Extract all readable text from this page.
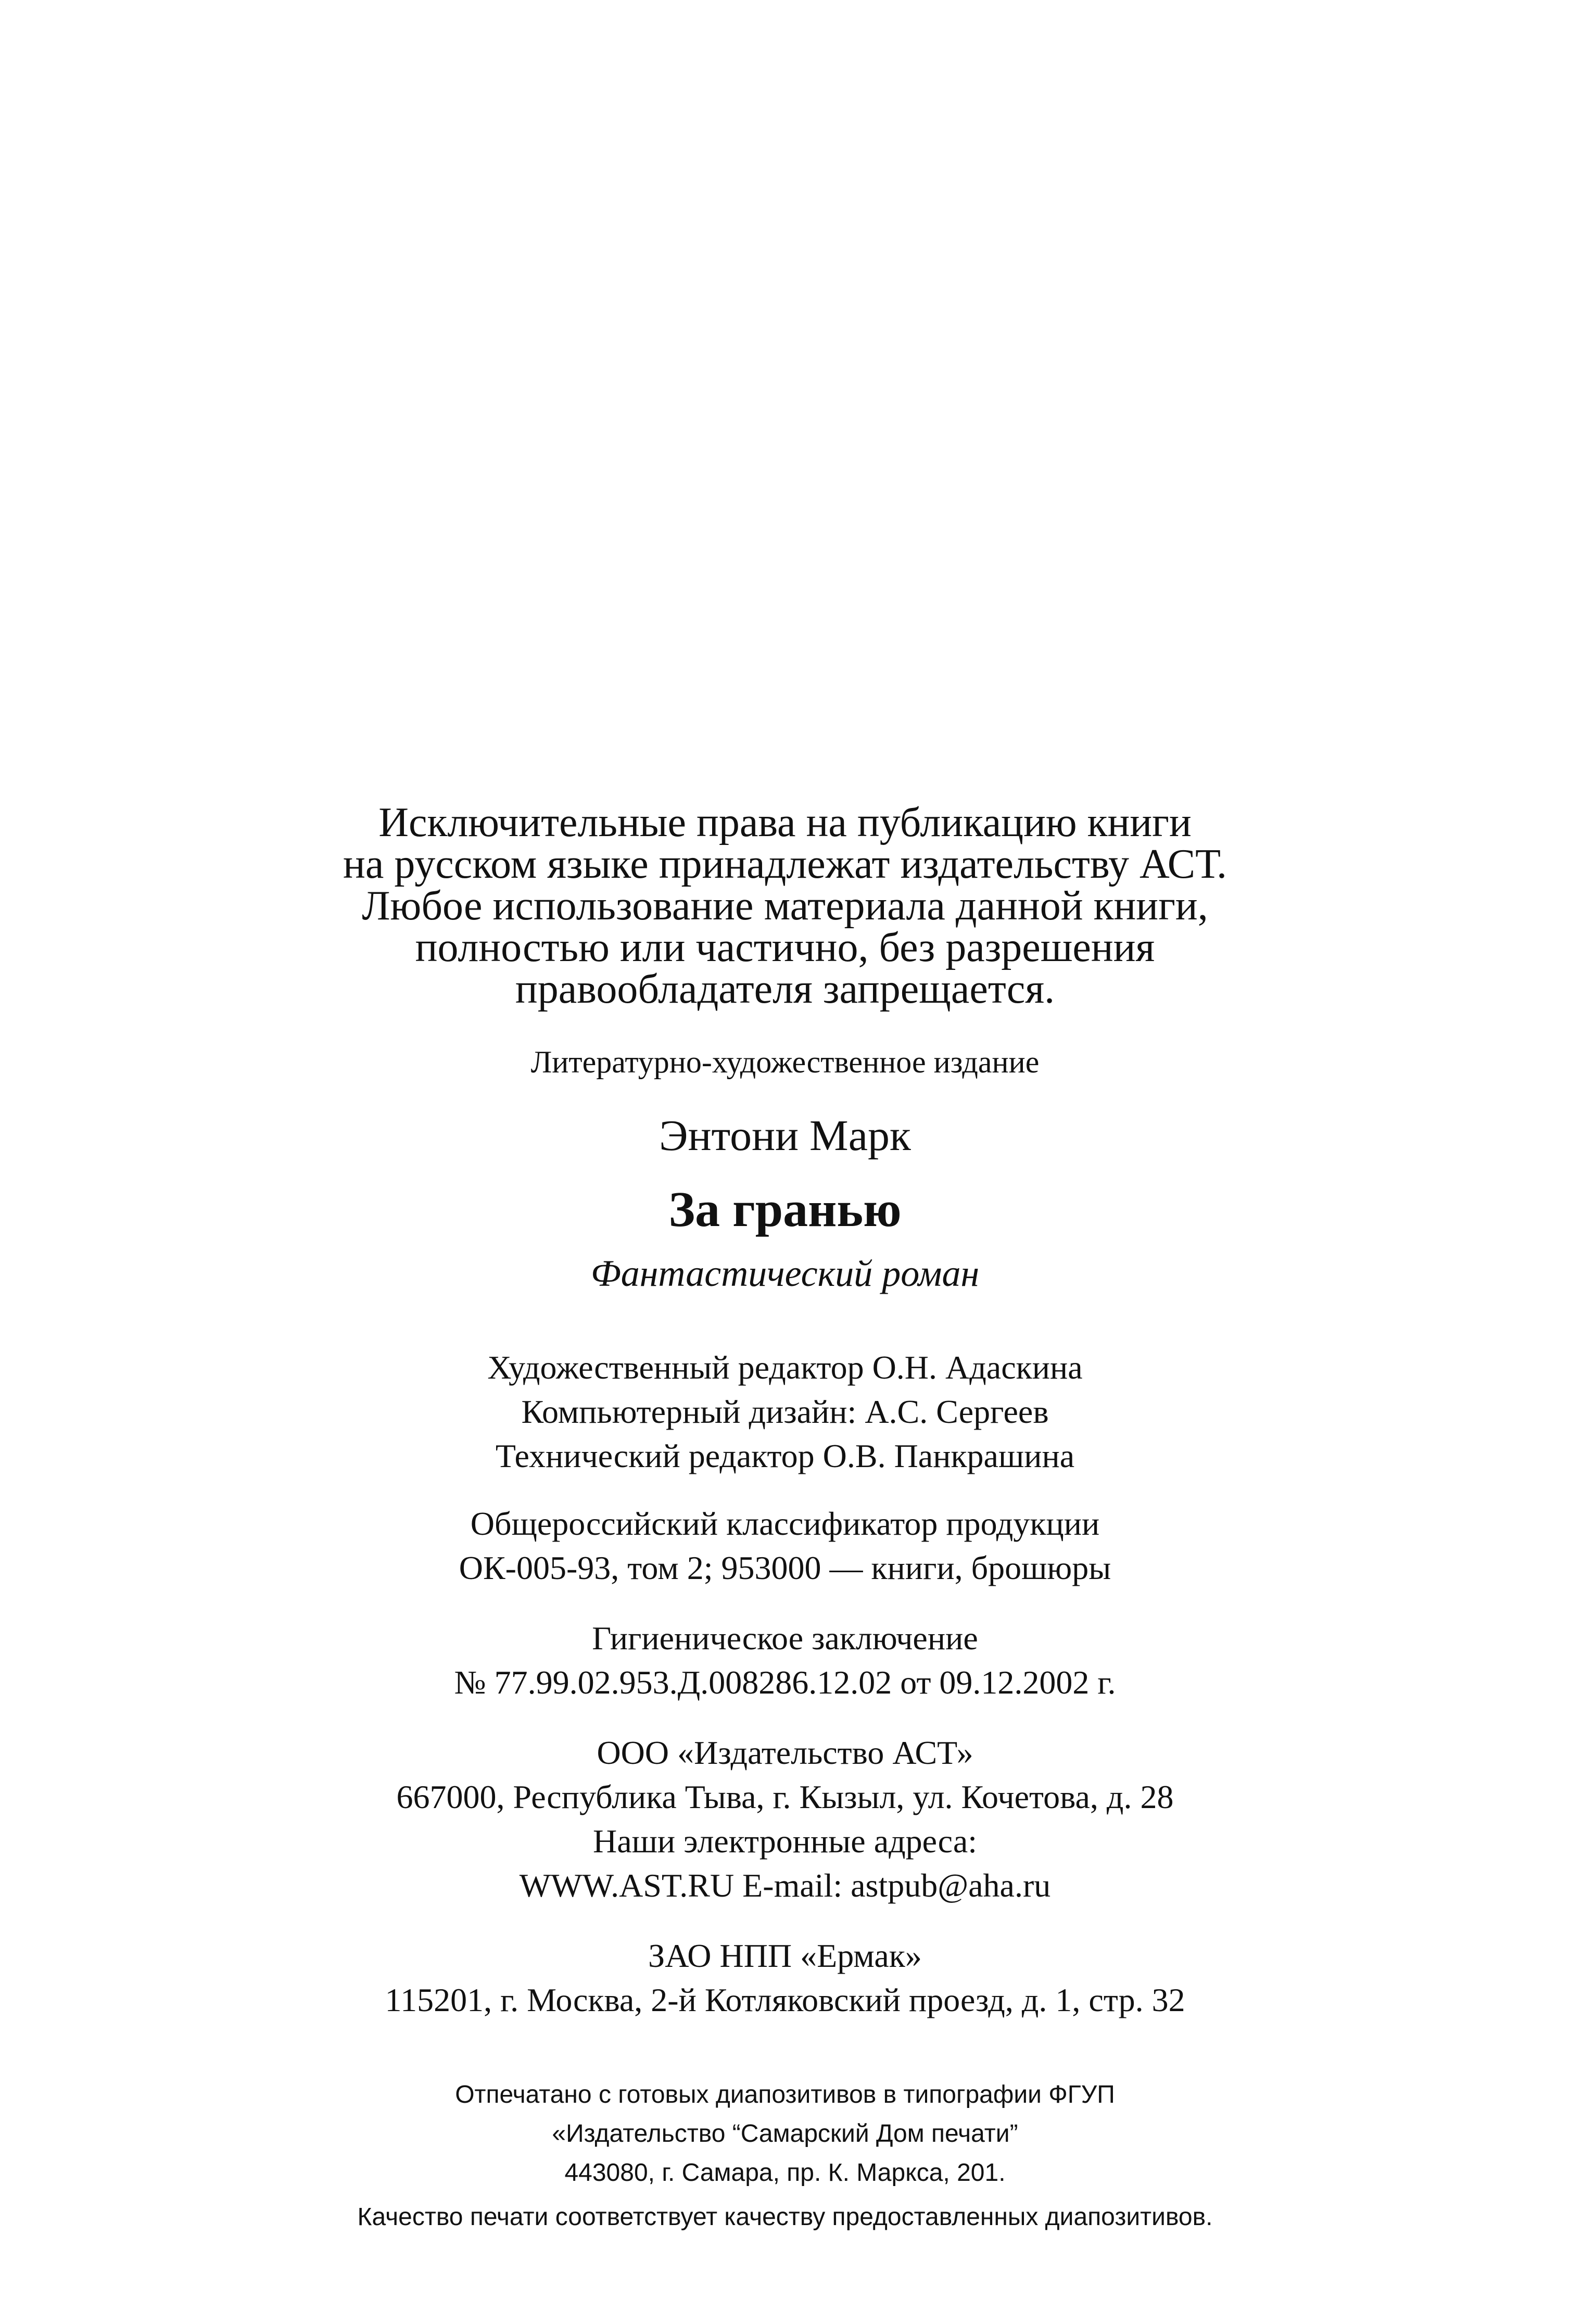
Исключительные права на публикацию книги
на русском языке принадлежат издательству АСТ.
Любое использование материала данной книги,
полностью или частично, без разрешения
правообладателя запрещается.
Литературно-художественное издание
Энтони Марк
За гранью
Фантастический роман
Художественный редактор О.Н. Адаскина
Компьютерный дизайн: А.С. Сергеев
Технический редактор О.В. Панкрашина
Общероссийский классификатор продукции
ОК-005-93, том 2; 953000 — книги, брошюры
Гигиеническое заключение
№ 77.99.02.953.Д.008286.12.02 от 09.12.2002 г.
ООО «Издательство АСТ»
667000, Республика Тыва, г. Кызыл, ул. Кочетова, д. 28
Наши электронные адреса:
WWW.AST.RU E-mail: astpub@aha.ru
ЗАО НПП «Ермак»
115201, г. Москва, 2-й Котляковский проезд, д. 1, стр. 32
Отпечатано с готовых диапозитивов в типографии ФГУП
«Издательство “Самарский Дом печати”
443080, г. Самара, пр. К. Маркса, 201.
Качество печати соответствует качеству предоставленных диапозитивов.
